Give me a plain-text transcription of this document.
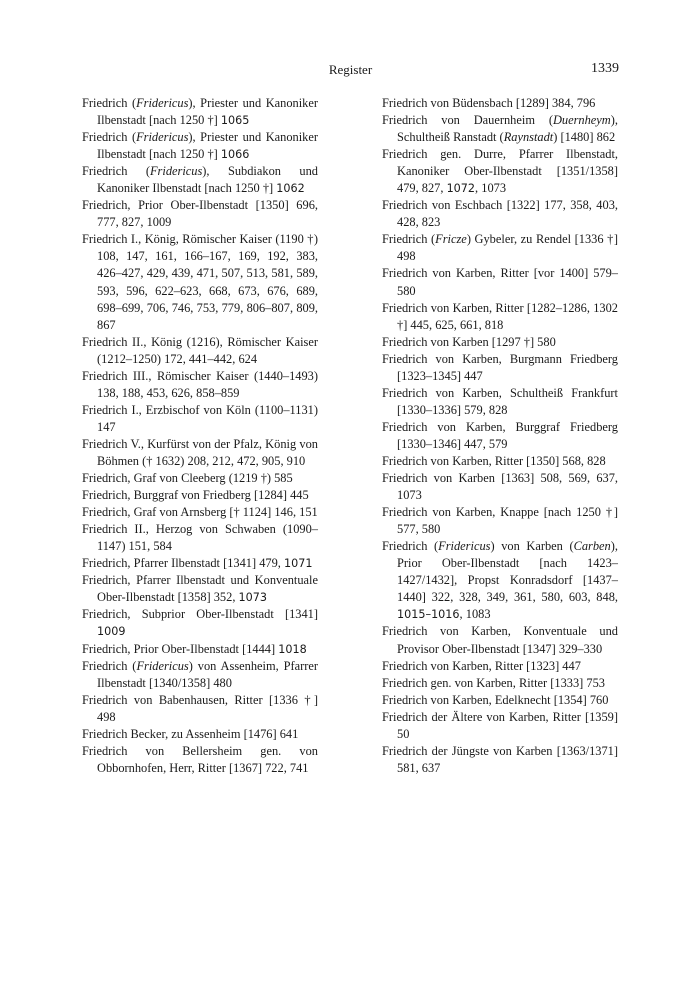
Register	1339
Friedrich (Fridericus), Priester und Kanoniker Ilbenstadt [nach 1250 †] 1065
Friedrich (Fridericus), Priester und Kanoniker Ilbenstadt [nach 1250 †] 1066
Friedrich (Fridericus), Subdiakon und Kanoniker Ilbenstadt [nach 1250 †] 1062
Friedrich, Prior Ober-Ilbenstadt [1350] 696, 777, 827, 1009
Friedrich I., König, Römischer Kaiser (1190 †) 108, 147, 161, 166–167, 169, 192, 383, 426–427, 429, 439, 471, 507, 513, 581, 589, 593, 596, 622–623, 668, 673, 676, 689, 698–699, 706, 746, 753, 779, 806–807, 809, 867
Friedrich II., König (1216), Römischer Kaiser (1212–1250) 172, 441–442, 624
Friedrich III., Römischer Kaiser (1440–1493) 138, 188, 453, 626, 858–859
Friedrich I., Erzbischof von Köln (1100–1131) 147
Friedrich V., Kurfürst von der Pfalz, König von Böhmen († 1632) 208, 212, 472, 905, 910
Friedrich, Graf von Cleeberg (1219 †) 585
Friedrich, Burggraf von Friedberg [1284] 445
Friedrich, Graf von Arnsberg [† 1124] 146, 151
Friedrich II., Herzog von Schwaben (1090–1147) 151, 584
Friedrich, Pfarrer Ilbenstadt [1341] 479, 1071
Friedrich, Pfarrer Ilbenstadt und Konventuale Ober-Ilbenstadt [1358] 352, 1073
Friedrich, Subprior Ober-Ilbenstadt [1341] 1009
Friedrich, Prior Ober-Ilbenstadt [1444] 1018
Friedrich (Fridericus) von Assenheim, Pfarrer Ilbenstadt [1340/1358] 480
Friedrich von Babenhausen, Ritter [1336 †] 498
Friedrich Becker, zu Assenheim [1476] 641
Friedrich von Bellersheim gen. von Obbornhofen, Herr, Ritter [1367] 722, 741
Friedrich von Büdensbach [1289] 384, 796
Friedrich von Dauernheim (Duernheym), Schultheiß Ranstadt (Raynstadt) [1480] 862
Friedrich gen. Durre, Pfarrer Ilbenstadt, Kanoniker Ober-Ilbenstadt [1351/1358] 479, 827, 1072, 1073
Friedrich von Eschbach [1322] 177, 358, 403, 428, 823
Friedrich (Fricze) Gybeler, zu Rendel [1336 †] 498
Friedrich von Karben, Ritter [vor 1400] 579–580
Friedrich von Karben, Ritter [1282–1286, 1302 †] 445, 625, 661, 818
Friedrich von Karben [1297 †] 580
Friedrich von Karben, Burgmann Friedberg [1323–1345] 447
Friedrich von Karben, Schultheiß Frankfurt [1330–1336] 579, 828
Friedrich von Karben, Burggraf Friedberg [1330–1346] 447, 579
Friedrich von Karben, Ritter [1350] 568, 828
Friedrich von Karben [1363] 508, 569, 637, 1073
Friedrich von Karben, Knappe [nach 1250 †] 577, 580
Friedrich (Fridericus) von Karben (Carben), Prior Ober-Ilbenstadt [nach 1423–1427/1432], Propst Konradsdorf [1437–1440] 322, 328, 349, 361, 580, 603, 848, 1015–1016, 1083
Friedrich von Karben, Konventuale und Provisor Ober-Ilbenstadt [1347] 329–330
Friedrich von Karben, Ritter [1323] 447
Friedrich gen. von Karben, Ritter [1333] 753
Friedrich von Karben, Edelknecht [1354] 760
Friedrich der Ältere von Karben, Ritter [1359] 50
Friedrich der Jüngste von Karben [1363/1371] 581, 637
